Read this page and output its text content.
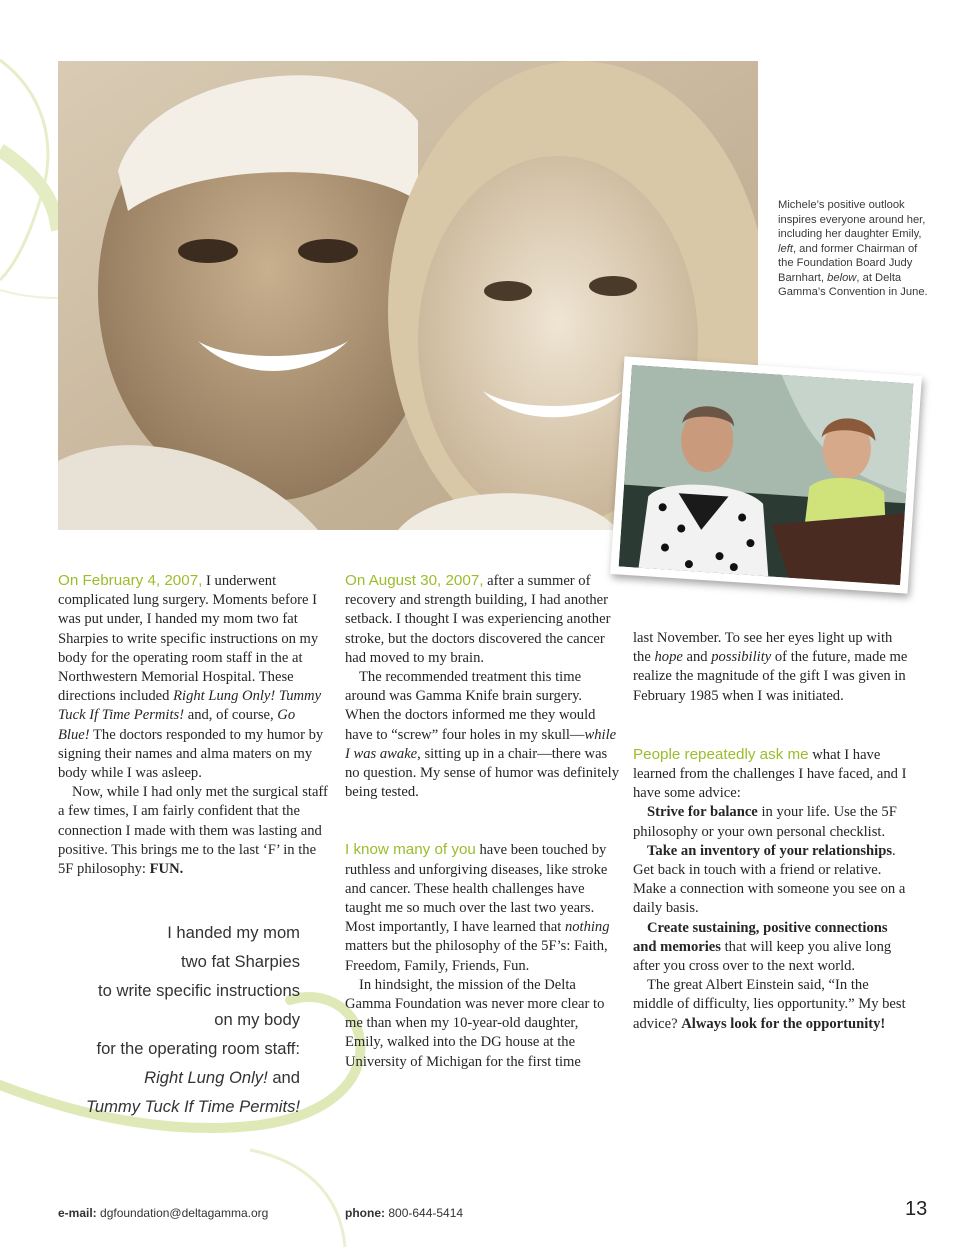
Michele’s positive outlook inspires everyone around her, including her daughter Emily, left, and former Chairman of the Foundation Board Judy Barnhart, below, at Delta Gamma’s Convention in June.

On February 4, 2007, I underwent complicated lung surgery. Moments before I was put under, I handed my mom two fat Sharpies to write specific instructions on my body for the operating room staff in the at Northwestern Memorial Hospital. These directions included Right Lung Only! Tummy Tuck If Time Permits! and, of course, Go Blue! The doctors responded to my humor by signing their names and alma maters on my body while I was asleep.

Now, while I had only met the surgical staff a few times, I am fairly confident that the connection I made with them was lasting and positive. This brings me to the last ‘F’ in the 5F philosophy: FUN.

I handed my mom
two fat Sharpies
to write specific instructions
on my body
for the operating room staff:
Right Lung Only! and
Tummy Tuck If Time Permits!

On August 30, 2007, after a summer of recovery and strength building, I had another setback. I thought I was experiencing another stroke, but the doctors discovered the cancer had moved to my brain.

The recommended treatment this time around was Gamma Knife brain surgery. When the doctors informed me they would have to “screw” four holes in my skull—while I was awake, sitting up in a chair—there was no question. My sense of humor was definitely being tested.

I know many of you have been touched by ruthless and unforgiving diseases, like stroke and cancer. These health challenges have taught me so much over the last two years. Most importantly, I have learned that nothing matters but the philosophy of the 5F’s: Faith, Freedom, Family, Friends, Fun.

In hindsight, the mission of the Delta Gamma Foundation was never more clear to me than when my 10-year-old daughter, Emily, walked into the DG house at the University of Michigan for the first time

last November. To see her eyes light up with the hope and possibility of the future, made me realize the magnitude of the gift I was given in February 1985 when I was initiated.

People repeatedly ask me what I have learned from the challenges I have faced, and I have some advice:

Strive for balance in your life. Use the 5F philosophy or your own personal checklist.

Take an inventory of your relationships. Get back in touch with a friend or relative. Make a connection with someone you see on a daily basis.

Create sustaining, positive connections and memories that will keep you alive long after you cross over to the next world.

The great Albert Einstein said, “In the middle of difficulty, lies opportunity.” My best advice? Always look for the opportunity!

e-mail: dgfoundation@deltagamma.org	phone: 800-644-5414	13
